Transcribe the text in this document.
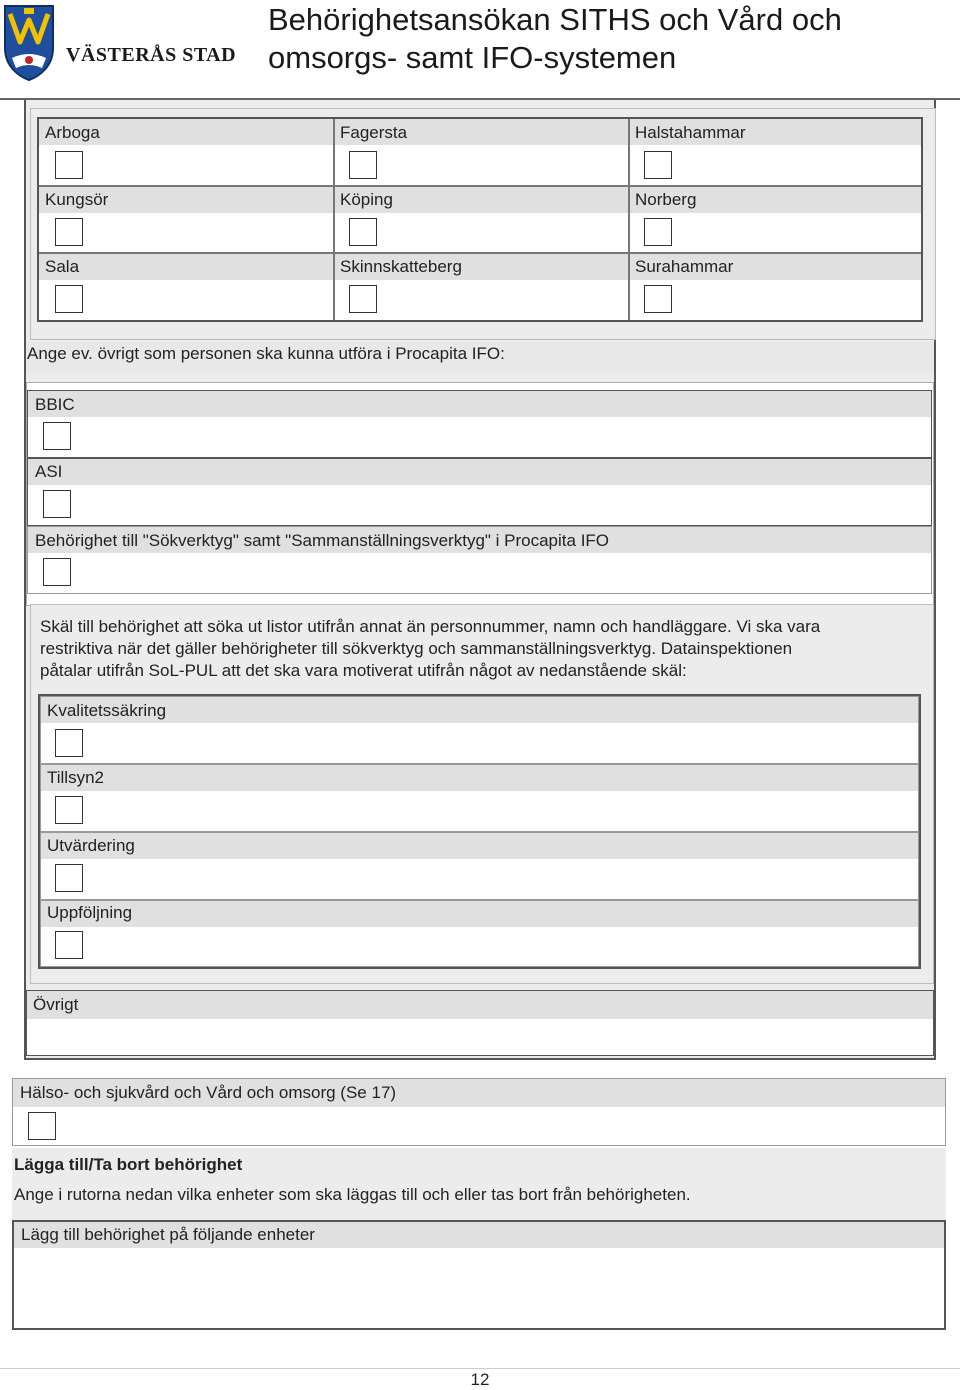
VÄSTERÅS STAD
Behörighetsansökan SITHS och Vård och
omsorgs- samt IFO-systemen
Arboga	Fagersta	Halstahammar
Kungsör	Köping	Norberg
Sala	Skinnskatteberg	Surahammar
Ange ev. övrigt som personen ska kunna utföra i Procapita IFO:
BBIC
ASI
Behörighet till "Sökverktyg" samt "Sammanställningsverktyg" i Procapita IFO
Skäl till behörighet att söka ut listor utifrån annat än personnummer, namn och handläggare. Vi ska vara
restriktiva när det gäller behörigheter till sökverktyg och sammanställningsverktyg. Datainspektionen
påtalar utifrån SoL-PUL att det ska vara motiverat utifrån något av nedanstående skäl:
Kvalitetssäkring
Tillsyn2
Utvärdering
Uppföljning
Övrigt
Hälso- och sjukvård och Vård och omsorg (Se 17)
Lägga till/Ta bort behörighet
Ange i rutorna nedan vilka enheter som ska läggas till och eller tas bort från behörigheten.
Lägg till behörighet på följande enheter
12
